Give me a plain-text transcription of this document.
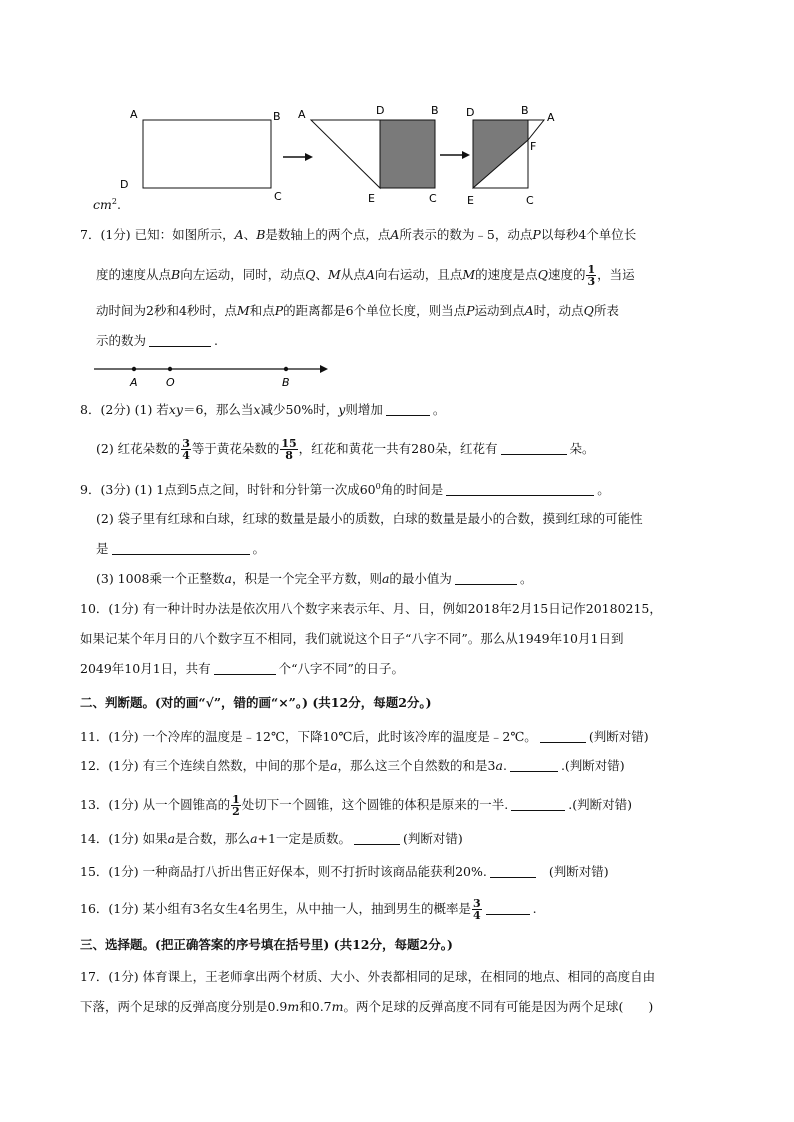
A	B
D
C
A	D	B
E	C
D	B
A
F
E	C
$cm^2$.
7．(1分) 已知：如图所示，A、B是数轴上的两个点，点A所表示的数为﹣5，动点P以每秒4个单位长
度的速度从点B向左运动，同时，动点Q、M从点A向右运动，且点M的速度是点Q速度的 $\frac{1}{3}$ ，当运
动时间为2秒和4秒时，点M和点P的距离都是6个单位长度，则当点P运动到点A时，动点Q所表
示的数为	.
A	O	B
8．(2分) (1) 若xy＝6，那么当x减少50%时，y则增加	。
(2) 红花朵数的 $\frac{3}{4}$ 等于黄花朵数的 $\frac{15}{8}$ ，红花和黄花一共有280朵，红花有	朵。
9．(3分) (1) 1点到5点之间，时针和分针第一次成$60^0$角的时间是	。
(2) 袋子里有红球和白球，红球的数量是最小的质数，白球的数量是最小的合数，摸到红球的可能性
是	。
(3) 1008乘一个正整数a，积是一个完全平方数，则a的最小值为	。
10．(1分) 有一种计时办法是依次用八个数字来表示年、月、日，例如2018年2月15日记作20180215，
如果记某个年月日的八个数字互不相同，我们就说这个日子“八字不同”。那么从1949年10月1日到
2049年10月1日，共有	个“八字不同”的日子。
二、判断题。(对的画“√”，错的画“×”。) (共12分，每题2分。)
11．(1分) 一个冷库的温度是﹣12℃，下降10℃后，此时该冷库的温度是﹣2℃。	(判断对错)
12．(1分) 有三个连续自然数，中间的那个是a，那么这三个自然数的和是3a.	.(判断对错)
13．(1分) 从一个圆锥高的 $\frac{1}{2}$ 处切下一个圆锥，这个圆锥的体积是原来的一半.	.(判断对错)
14．(1分) 如果a是合数，那么a+1一定是质数。	(判断对错)
15．(1分) 一种商品打八折出售正好保本，则不打折时该商品能获利20%.	(判断对错)
16．(1分) 某小组有3名女生4名男生，从中抽一人，抽到男生的概率是 $\frac{3}{4}$	.
三、选择题。(把正确答案的序号填在括号里) (共12分，每题2分。)
17．(1分) 体育课上，王老师拿出两个材质、大小、外表都相同的足球，在相同的地点、相同的高度自由
下落，两个足球的反弹高度分别是0.9m和0.7m。两个足球的反弹高度不同有可能是因为两个足球(　　)
